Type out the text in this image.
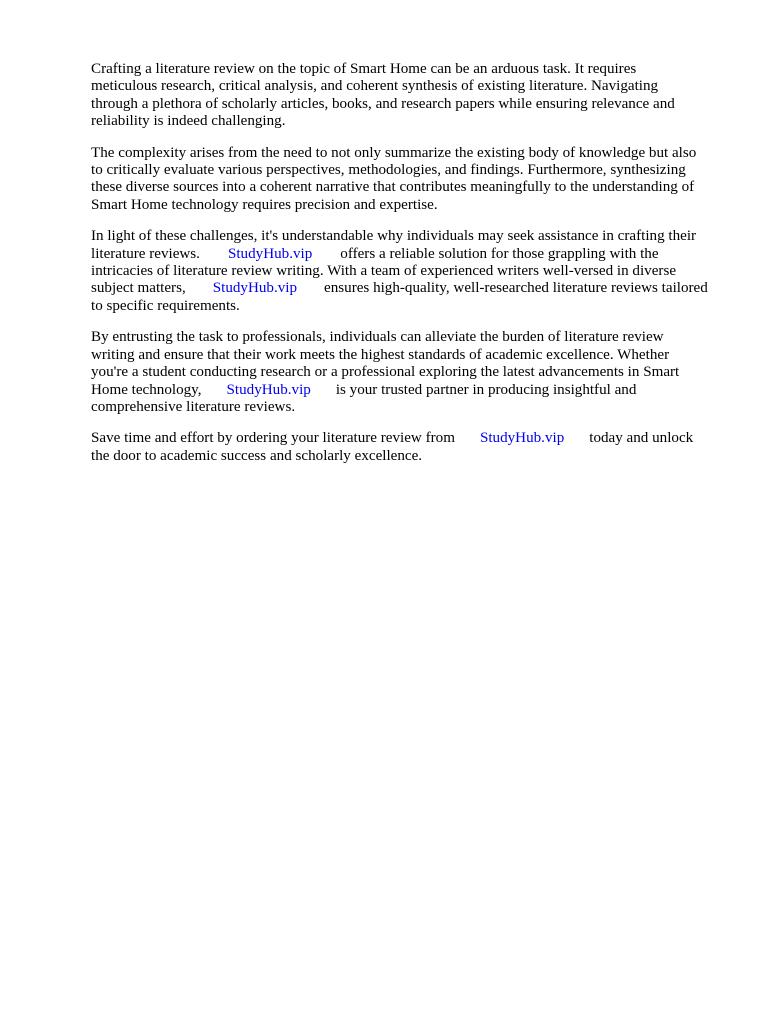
Crafting a literature review on the topic of Smart Home can be an arduous task. It requires
meticulous research, critical analysis, and coherent synthesis of existing literature. Navigating
through a plethora of scholarly articles, books, and research papers while ensuring relevance and
reliability is indeed challenging.

The complexity arises from the need to not only summarize the existing body of knowledge but also
to critically evaluate various perspectives, methodologies, and findings. Furthermore, synthesizing
these diverse sources into a coherent narrative that contributes meaningfully to the understanding of
Smart Home technology requires precision and expertise.

In light of these challenges, it's understandable why individuals may seek assistance in crafting their
literature reviews. StudyHub.vip offers a reliable solution for those grappling with the
intricacies of literature review writing. With a team of experienced writers well-versed in diverse
subject matters, StudyHub.vip ensures high-quality, well-researched literature reviews tailored
to specific requirements.

By entrusting the task to professionals, individuals can alleviate the burden of literature review
writing and ensure that their work meets the highest standards of academic excellence. Whether
you're a student conducting research or a professional exploring the latest advancements in Smart
Home technology, StudyHub.vip is your trusted partner in producing insightful and
comprehensive literature reviews.

Save time and effort by ordering your literature review from StudyHub.vip today and unlock
the door to academic success and scholarly excellence.
